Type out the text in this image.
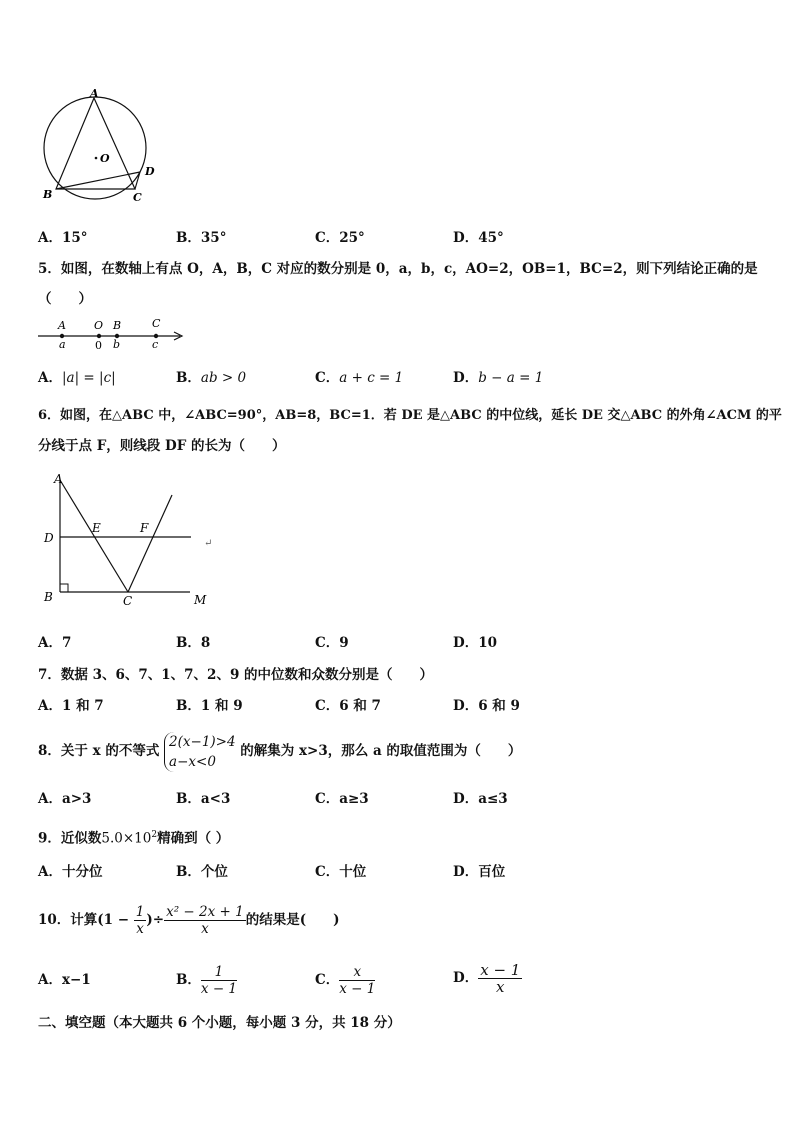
A
O
B	C
D
A．15°	B．35°	C．25°	D．45°
5．如图，在数轴上有点 O，A，B，C 对应的数分别是 0，a，b，c，AO=2，OB=1，BC=2，则下列结论正确的是
（　　）
A	O B	C
a	0 b	c
A．|a| = |c|	B．ab > 0	C．a + c = 1	D．b − a = 1
6．如图，在△ABC 中，∠ABC=90°，AB=8，BC=1．若 DE 是△ABC 的中位线，延长 DE 交△ABC 的外角∠ACM 的平
分线于点 F，则线段 DF 的长为（　　）
A
D
B
E	F
C	M
↵
A．7	B．8	C．9	D．10
7．数据 3、6、7、1、7、2、9 的中位数和众数分别是（　　）
A．1 和 7	B．1 和 9	C．6 和 7	D．6 和 9
8．关于 x 的不等式
2(x−1)>4
a−x<0
的解集为 x>3，那么 a 的取值范围为（　　）
A．a>3	B．a<3	C．a≥3	D．a≤3
9．近似数$5.0\times 10^2$精确到（ ）
A．十分位	B．个位	C．十位	D．百位
10．计算($1 - \frac{1}{x}$ )÷ $\frac{\text{x² − 2x + 1}}{x}$ 的结果是(　　)
A．x−1	B． $\frac{1}{x - 1}$	C． $\frac{x}{x - 1}$	D． $\frac{x - 1}{x}$
二、填空题（本大题共 6 个小题，每小题 3 分，共 18 分）
